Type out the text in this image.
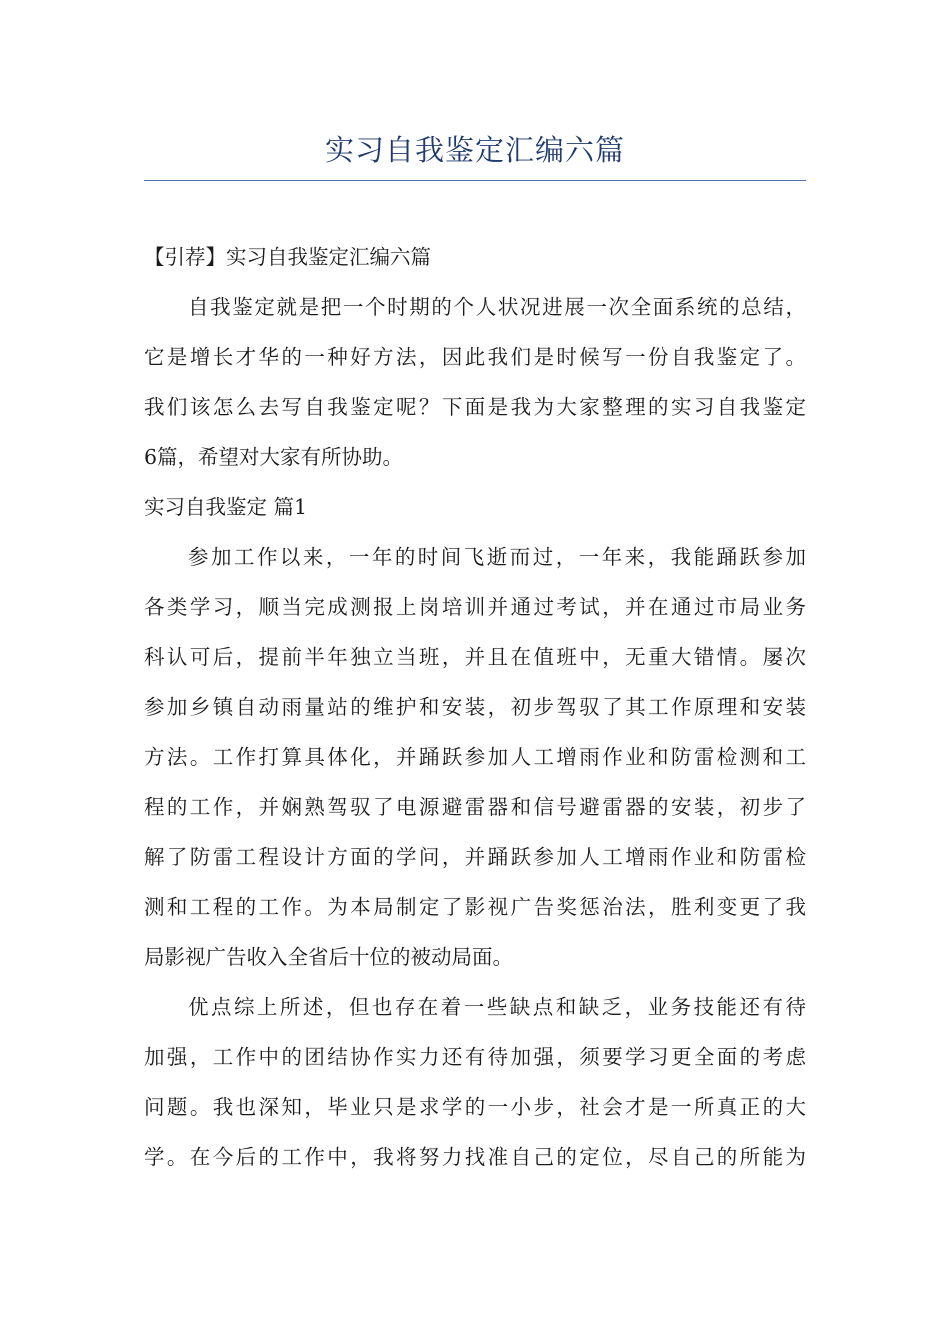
实习自我鉴定汇编六篇
【引荐】实习自我鉴定汇编六篇
自我鉴定就是把一个时期的个人状况进展一次全面系统的总结，
它是增长才华的一种好方法，因此我们是时候写一份自我鉴定了。
我们该怎么去写自我鉴定呢？下面是我为大家整理的实习自我鉴定
6篇，希望对大家有所协助。
实习自我鉴定 篇1
参加工作以来，一年的时间飞逝而过，一年来，我能踊跃参加
各类学习，顺当完成测报上岗培训并通过考试，并在通过市局业务
科认可后，提前半年独立当班，并且在值班中，无重大错情。屡次
参加乡镇自动雨量站的维护和安装，初步驾驭了其工作原理和安装
方法。工作打算具体化，并踊跃参加人工增雨作业和防雷检测和工
程的工作，并娴熟驾驭了电源避雷器和信号避雷器的安装，初步了
解了防雷工程设计方面的学问，并踊跃参加人工增雨作业和防雷检
测和工程的工作。为本局制定了影视广告奖惩治法，胜利变更了我
局影视广告收入全省后十位的被动局面。
优点综上所述，但也存在着一些缺点和缺乏，业务技能还有待
加强，工作中的团结协作实力还有待加强，须要学习更全面的考虑
问题。我也深知，毕业只是求学的一小步，社会才是一所真正的大
学。在今后的工作中，我将努力找准自己的定位，尽自己的所能为
